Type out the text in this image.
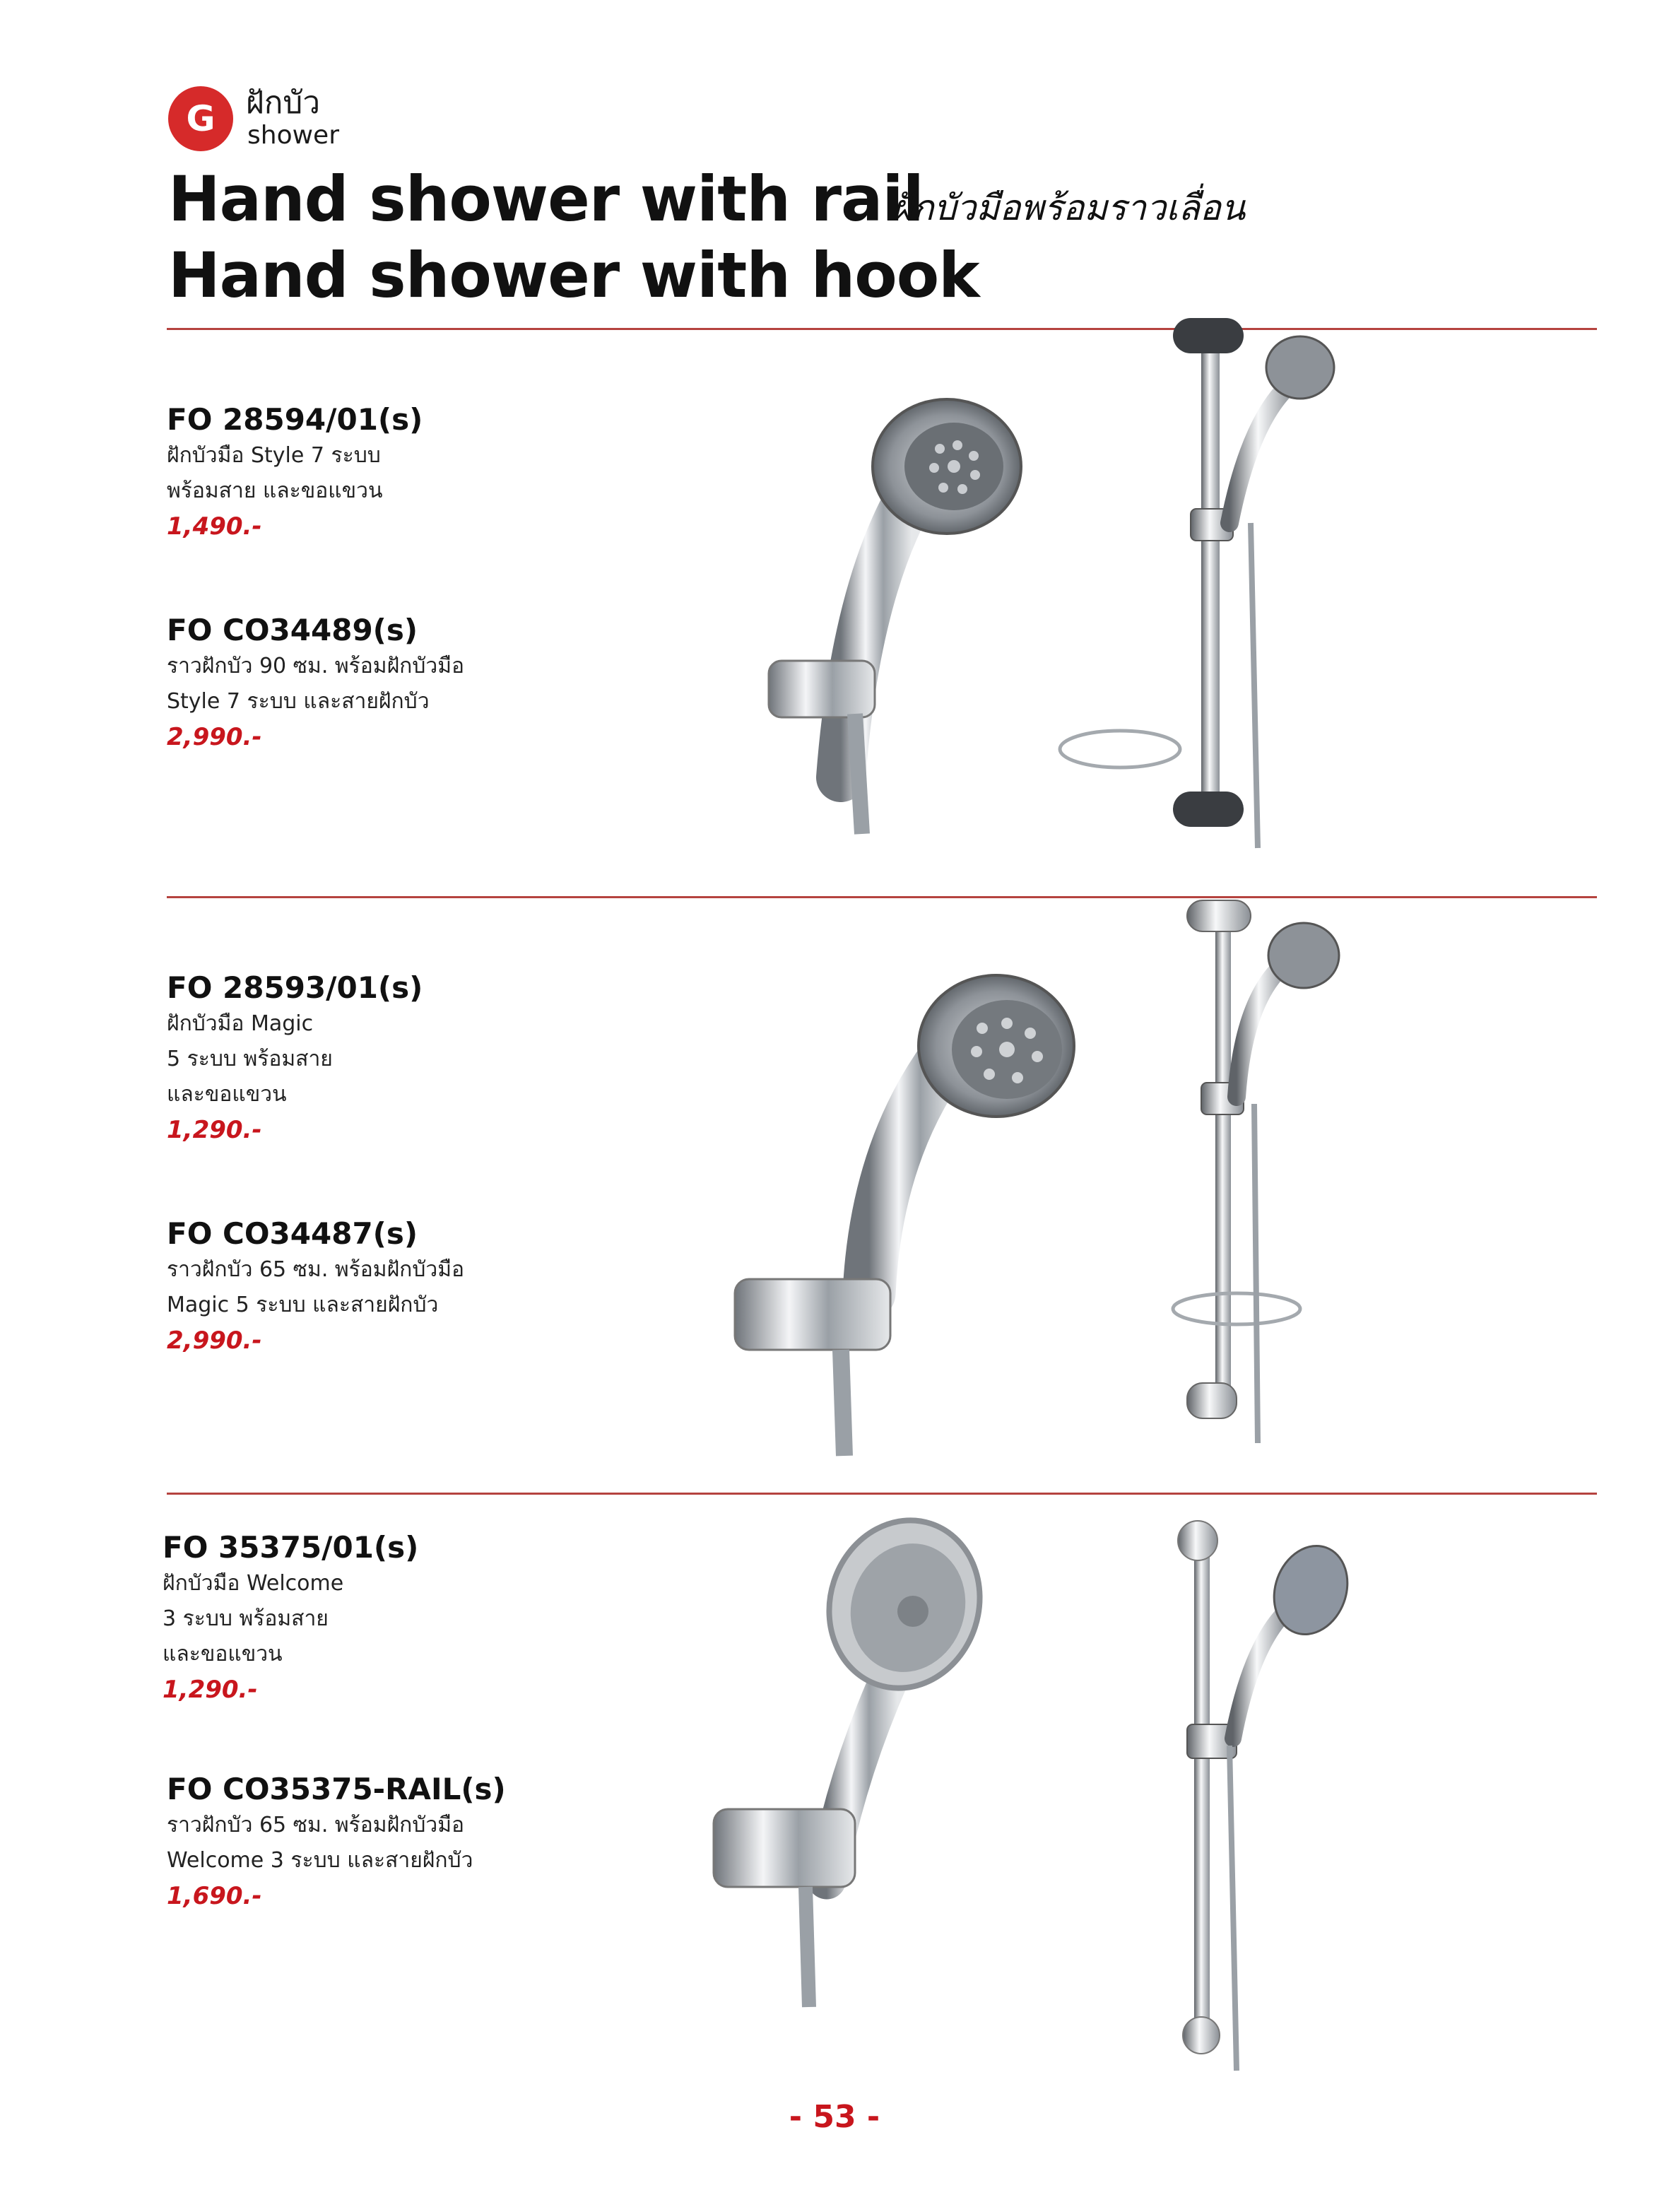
G ฝักบัว
shower
Hand shower with rail
ฝักบัวมือพร้อมราวเลื่อน
Hand shower with hook
FO 28594/01(s)
ฝักบัวมือ Style 7 ระบบ
พร้อมสาย และขอแขวน
1,490.-
FO CO34489(s)
ราวฝักบัว 90 ซม. พร้อมฝักบัวมือ
Style 7 ระบบ และสายฝักบัว
2,990.-
FO 28593/01(s)
ฝักบัวมือ Magic
5 ระบบ พร้อมสาย
และขอแขวน
1,290.-
FO CO34487(s)
ราวฝักบัว 65 ซม. พร้อมฝักบัวมือ
Magic 5 ระบบ และสายฝักบัว
2,990.-
FO 35375/01(s)
ฝักบัวมือ Welcome
3 ระบบ พร้อมสาย
และขอแขวน
1,290.-
FO CO35375-RAIL(s)
ราวฝักบัว 65 ซม. พร้อมฝักบัวมือ
Welcome 3 ระบบ และสายฝักบัว
1,690.-
- 53 -
